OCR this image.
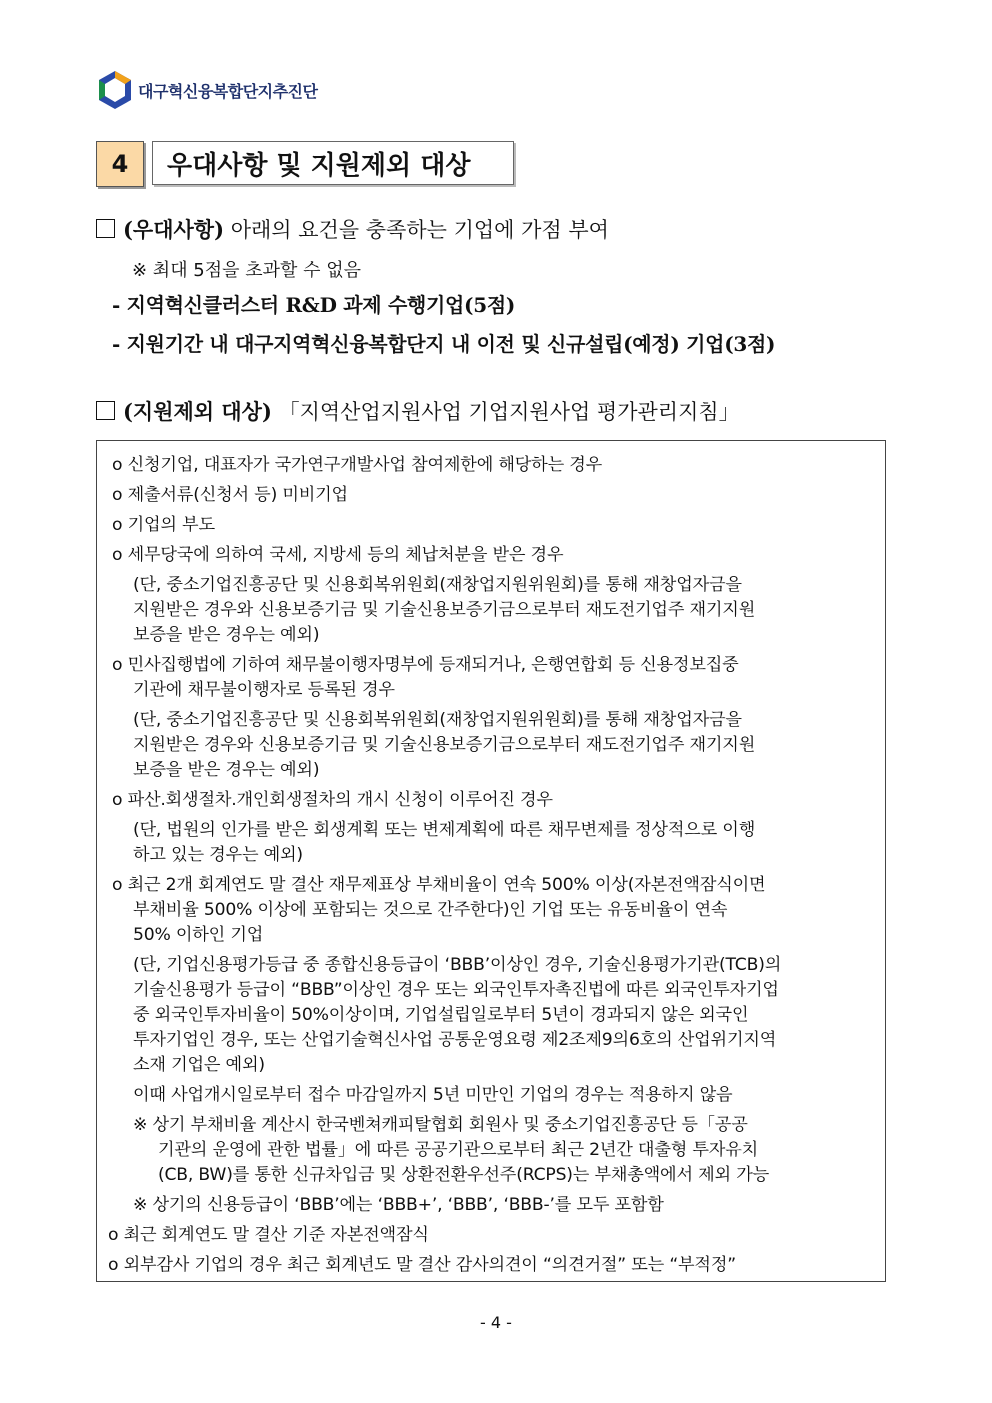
대구혁신융복합단지추진단
4	우대사항 및 지원제외 대상
(우대사항) 아래의 요건을 충족하는 기업에 가점 부여
※ 최대 5점을 초과할 수 없음
- 지역혁신클러스터 R&D 과제 수행기업(5점)
- 지원기간 내 대구지역혁신융복합단지 내 이전 및 신규설립(예정) 기업(3점)
(지원제외 대상) 「지역산업지원사업 기업지원사업 평가관리지침」
o 신청기업, 대표자가 국가연구개발사업 참여제한에 해당하는 경우
o 제출서류(신청서 등) 미비기업
o 기업의 부도
o 세무당국에 의하여 국세, 지방세 등의 체납처분을 받은 경우
(단, 중소기업진흥공단 및 신용회복위원회(재창업지원위원회)를 통해 재창업자금을
지원받은 경우와 신용보증기금 및 기술신용보증기금으로부터 재도전기업주 재기지원
보증을 받은 경우는 예외)
o 민사집행법에 기하여 채무불이행자명부에 등재되거나, 은행연합회 등 신용정보집중
기관에 채무불이행자로 등록된 경우
(단, 중소기업진흥공단 및 신용회복위원회(재창업지원위원회)를 통해 재창업자금을
지원받은 경우와 신용보증기금 및 기술신용보증기금으로부터 재도전기업주 재기지원
보증을 받은 경우는 예외)
o 파산.회생절차.개인회생절차의 개시 신청이 이루어진 경우
(단, 법원의 인가를 받은 회생계획 또는 변제계획에 따른 채무변제를 정상적으로 이행
하고 있는 경우는 예외)
o 최근 2개 회계연도 말 결산 재무제표상 부채비율이 연속 500% 이상(자본전액잠식이면
부채비율 500% 이상에 포함되는 것으로 간주한다)인 기업 또는 유동비율이 연속
50% 이하인 기업
(단, 기업신용평가등급 중 종합신용등급이 ‘BBB’이상인 경우, 기술신용평가기관(TCB)의
기술신용평가 등급이 “BBB”이상인 경우 또는 외국인투자촉진법에 따른 외국인투자기업
중 외국인투자비율이 50%이상이며, 기업설립일로부터 5년이 경과되지 않은 외국인
투자기업인 경우, 또는 산업기술혁신사업 공통운영요령 제2조제9의6호의 산업위기지역
소재 기업은 예외)
이때 사업개시일로부터 접수 마감일까지 5년 미만인 기업의 경우는 적용하지 않음
※ 상기 부채비율 계산시 한국벤쳐캐피탈협회 회원사 및 중소기업진흥공단 등「공공
기관의 운영에 관한 법률」에 따른 공공기관으로부터 최근 2년간 대출형 투자유치
(CB, BW)를 통한 신규차입금 및 상환전환우선주(RCPS)는 부채총액에서 제외 가능
※ 상기의 신용등급이 ‘BBB’에는 ‘BBB+’, ‘BBB’, ‘BBB-’를 모두 포함함
o 최근 회계연도 말 결산 기준 자본전액잠식
o 외부감사 기업의 경우 최근 회계년도 말 결산 감사의견이 “의견거절” 또는 “부적정”
- 4 -
